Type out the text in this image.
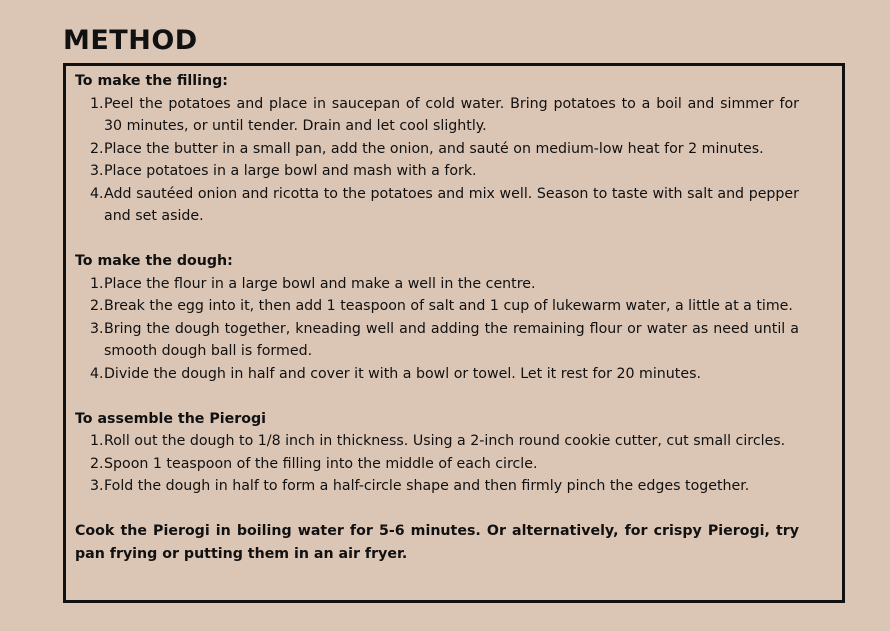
METHOD

To make the filling:

1. Peel the potatoes and place in saucepan of cold water. Bring potatoes to a boil and simmer for 30 minutes, or until tender. Drain and let cool slightly.
2. Place the butter in a small pan, add the onion, and sauté on medium-low heat for 2 minutes.
3. Place potatoes in a large bowl and mash with a fork.
4. Add sautéed onion and ricotta to the potatoes and mix well. Season to taste with salt and pepper and set aside.

To make the dough:

1. Place the flour in a large bowl and make a well in the centre.
2. Break the egg into it, then add 1 teaspoon of salt and 1 cup of lukewarm water, a little at a time.
3. Bring the dough together, kneading well and adding the remaining flour or water as need until a smooth dough ball is formed.
4. Divide the dough in half and cover it with a bowl or towel. Let it rest for 20 minutes.

To assemble the Pierogi

1. Roll out the dough to 1/8 inch in thickness. Using a 2-inch round cookie cutter, cut small circles.
2. Spoon 1 teaspoon of the filling into the middle of each circle.
3. Fold the dough in half to form a half-circle shape and then firmly pinch the edges together.

Cook the Pierogi in boiling water for 5-6 minutes. Or alternatively, for crispy Pierogi, try pan frying or putting them in an air fryer.
